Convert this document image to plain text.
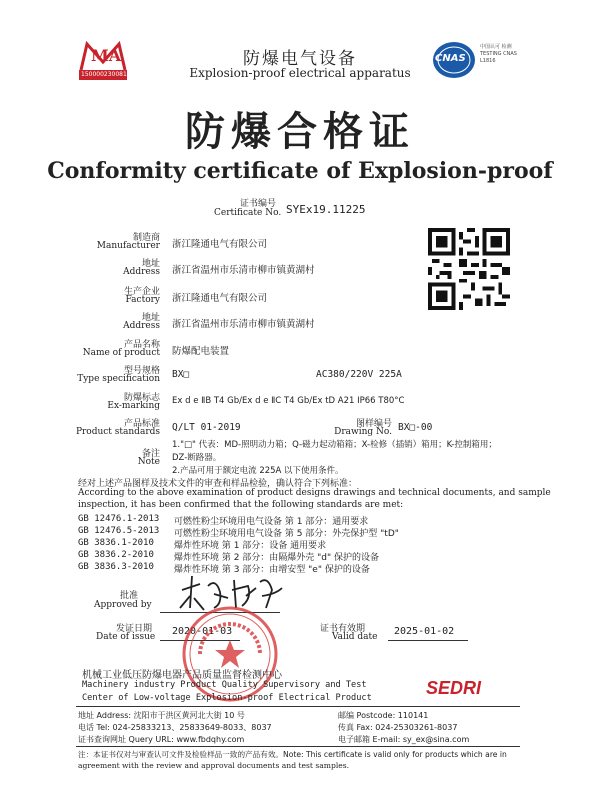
MA
150000230081
防爆电气设备
Explosion-proof electrical apparatus
CNAS
中国认可 检测 TESTING CNAS L1816
防爆合格证
Conformity certificate of Explosion-proof
证书编号
Certificate No. SYEx19.11225
制造商
Manufacturer 浙江隆通电气有限公司
地址
Address 浙江省温州市乐清市柳市镇黄湖村
生产企业
Factory 浙江隆通电气有限公司
地址
Address 浙江省温州市乐清市柳市镇黄湖村
产品名称
Name of product 防爆配电装置
型号规格
Type specification BX□	AC380/220V 225A
防爆标志
Ex-marking Ex d e ⅡB T4 Gb/Ex d e ⅡC T4 Gb/Ex tD A21 IP66 T80°C
产品标准
Product standards Q/LT 01-2019	图样编号
Drawing No. BX□-00
备注
Note
1."□" 代表：MD-照明动力箱；Q-磁力起动箱箱；X-检修（插销）箱用；K-控制箱用；
DZ-断路器。
2.产品可用于额定电流 225A 以下使用条件。
经对上述产品图样及技术文件的审查和样品检验，确认符合下列标准：
According to the above examination of product designs drawings and technical documents, and sample
inspection, it has been confirmed that the following standards are met:
GB 12476.1-2013 可燃性粉尘环境用电气设备 第 1 部分：通用要求
GB 12476.5-2013 可燃性粉尘环境用电气设备 第 5 部分：外壳保护型 "tD"
GB 3836.1-2010 爆炸性环境 第 1 部分：设备 通用要求
GB 3836.2-2010 爆炸性环境 第 2 部分：由隔爆外壳 "d" 保护的设备
GB 3836.3-2010 爆炸性环境 第 3 部分：由增安型 "e" 保护的设备
批准
Approved by
发证日期
Date of issue 2020-01-03	证书有效期
Valid date 2025-01-02
机械工业低压防爆电器产品质量监督检测中心
Machinery industry Product Quality Supervisory and Test
Center of Low-voltage Explosion-proof Electrical Product	SEDRI
地址 Address: 沈阳市于洪区黄河北大街 10 号	邮编 Postcode: 110141
电话 Tel: 024-25833213、25833649-8033、8037	传真 Fax: 024-25303261-8037
证书查询网址 Query URL: www.fbdqhy.com	电子邮箱 E-mail: sy_ex@sina.com
注：本证书仅对与审查认可文件及检验样品一致的产品有效。Note: This certificate is valid only for products which are in
agreement with the review and approval documents and test samples.
